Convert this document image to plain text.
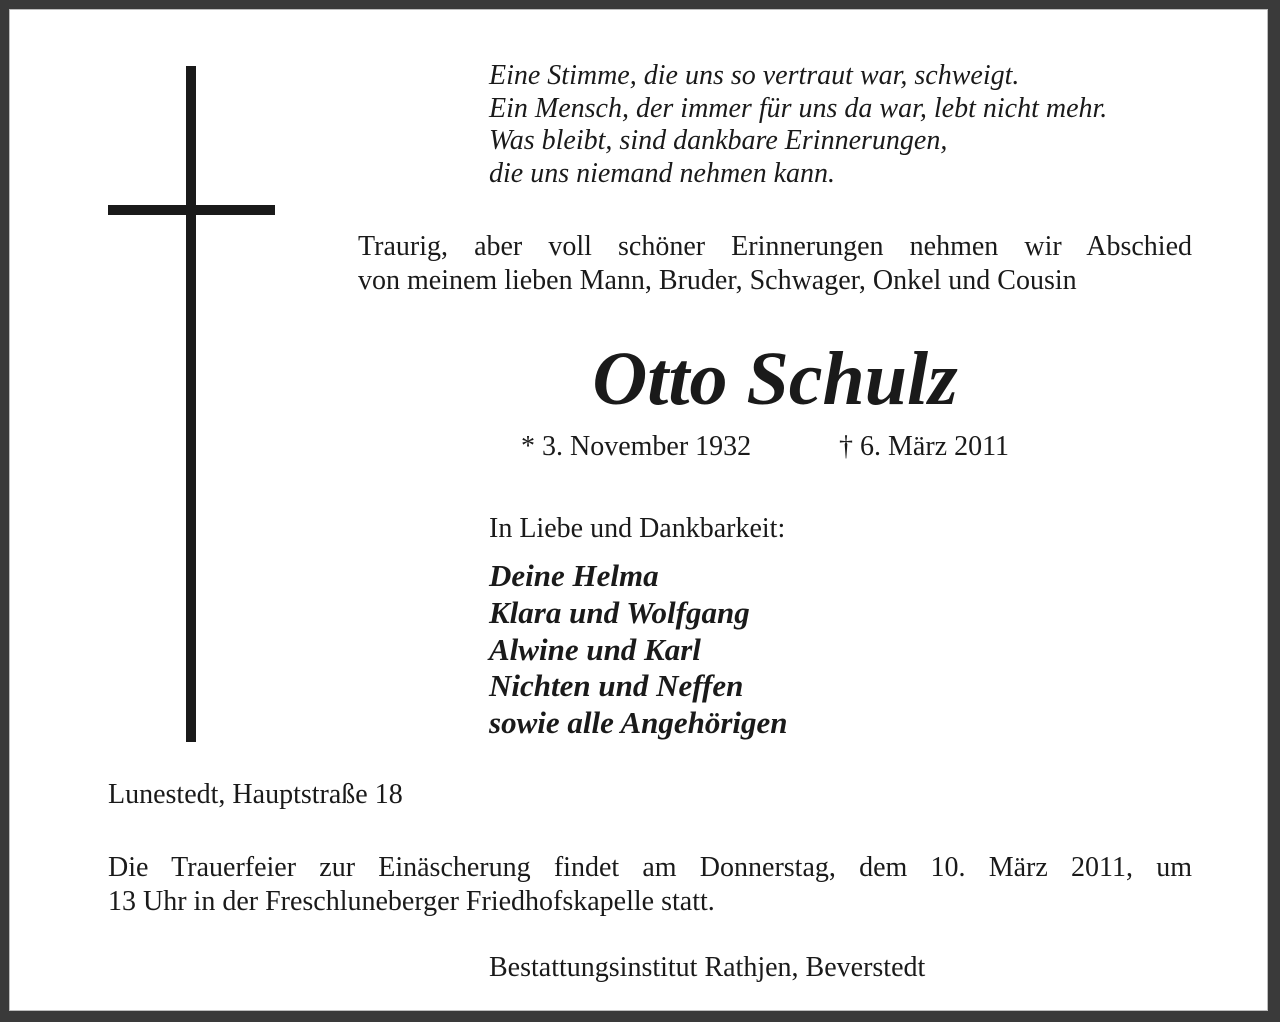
Eine Stimme, die uns so vertraut war, schweigt.
Ein Mensch, der immer für uns da war, lebt nicht mehr.
Was bleibt, sind dankbare Erinnerungen,
die uns niemand nehmen kann.
Traurig, aber voll schöner Erinnerungen nehmen wir Abschied
von meinem lieben Mann, Bruder, Schwager, Onkel und Cousin
Otto Schulz
* 3. November 1932	† 6. März 2011
In Liebe und Dankbarkeit:
Deine Helma
Klara und Wolfgang
Alwine und Karl
Nichten und Neffen
sowie alle Angehörigen
Lunestedt, Hauptstraße 18
Die Trauerfeier zur Einäscherung findet am Donnerstag, dem 10. März 2011, um
13 Uhr in der Freschluneberger Friedhofskapelle statt.
Bestattungsinstitut Rathjen, Beverstedt
